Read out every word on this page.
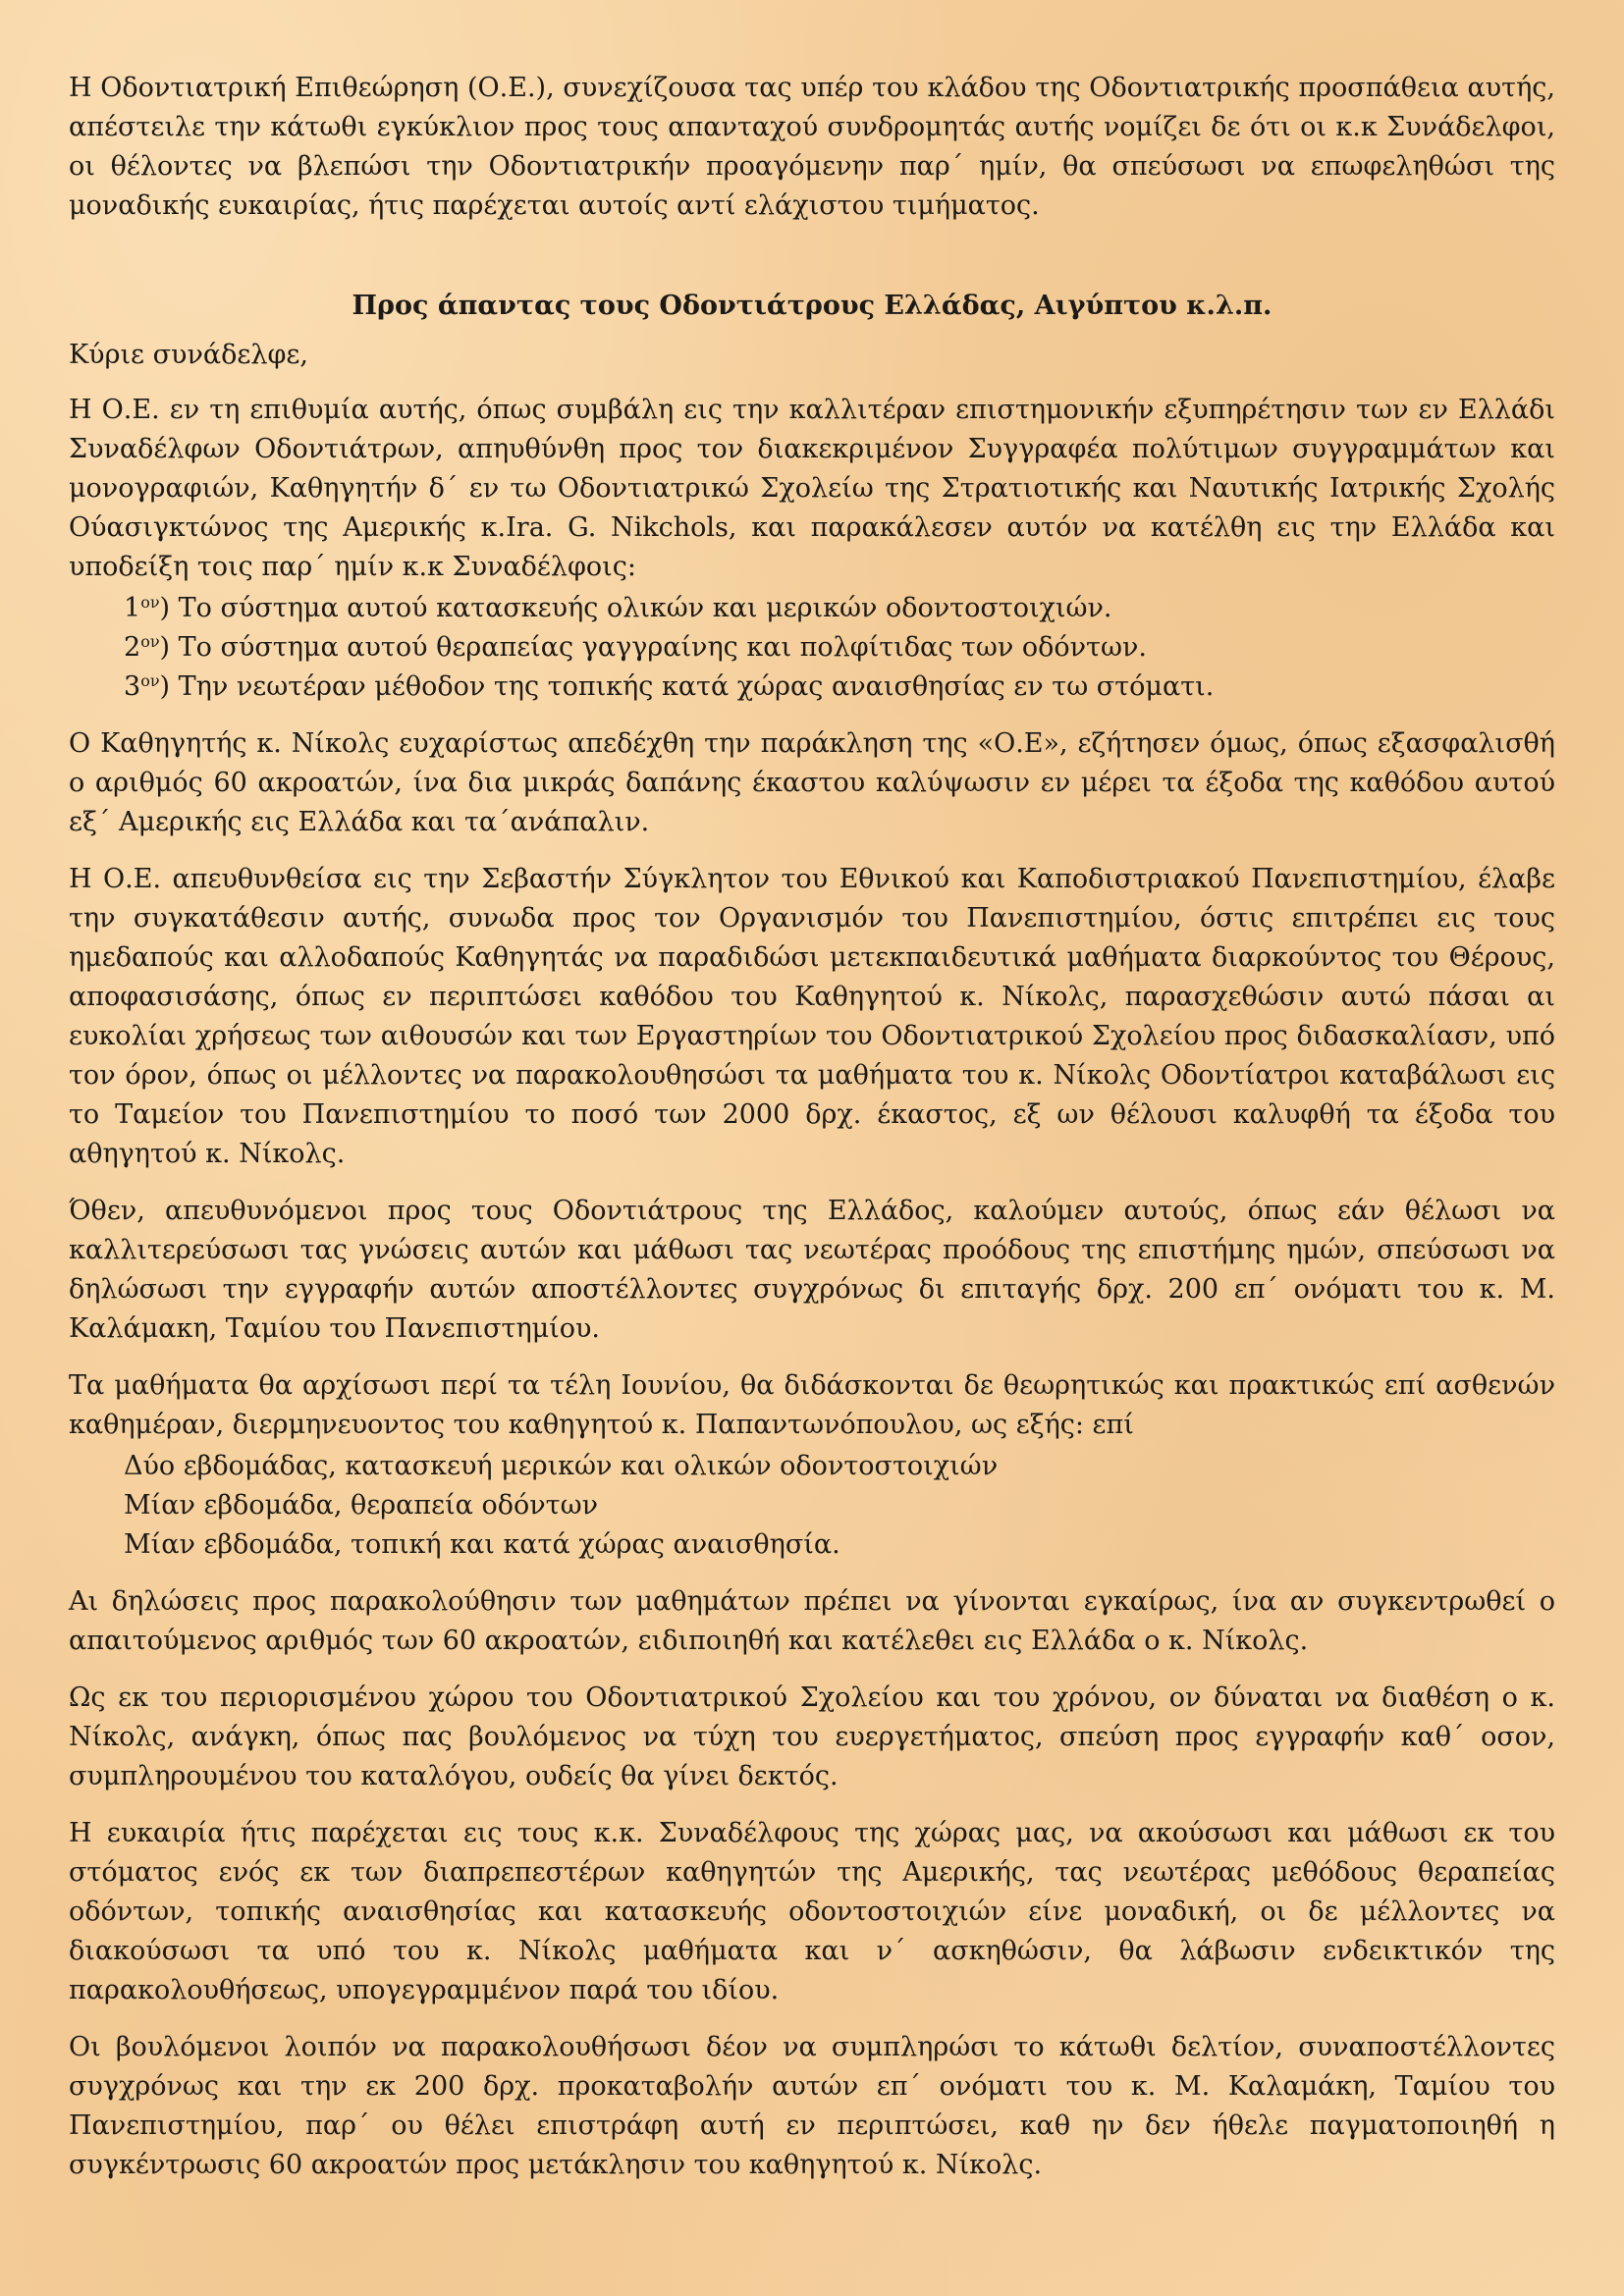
Η Οδοντιατρική Επιθεώρηση (Ο.Ε.), συνεχίζουσα τας υπέρ του κλάδου της Οδοντιατρικής προσπάθεια αυτής, απέστειλε την κάτωθι εγκύκλιον προς τους απανταχού συνδρομητάς αυτής νομίζει δε ότι οι κ.κ Συνάδελφοι, οι θέλοντες να βλεπώσι την Οδοντιατρικήν προαγόμενην παρ΄ ημίν, θα σπεύσωσι να επωφεληθώσι της μοναδικής ευκαιρίας, ήτις παρέχεται αυτοίς αντί ελάχιστου τιμήματος.

Προς άπαντας τους Οδοντιάτρους Ελλάδας, Αιγύπτου κ.λ.π.

Κύριε συνάδελφε,

Η Ο.Ε. εν τη επιθυμία αυτής, όπως συμβάλη εις την καλλιτέραν επιστημονικήν εξυπηρέτησιν των εν Ελλάδι Συναδέλφων Οδοντιάτρων, απηυθύνθη προς τον διακεκριμένον Συγγραφέα πολύτιμων συγγραμμάτων και μονογραφιών, Καθηγητήν δ΄ εν τω Οδοντιατρικώ Σχολείω της Στρατιοτικής και Ναυτικής Ιατρικής Σχολής Ούασιγκτώνος της Αμερικής κ.Ira. G. Nikchols, και παρακάλεσεν αυτόν να κατέλθη εις την Ελλάδα και υποδείξη τοις παρ΄ ημίν κ.κ Συναδέλφοις:

$1^{o\nu}$) Το σύστημα αυτού κατασκευής ολικών και μερικών οδοντοστοιχιών.
$2^{o\nu}$) Το σύστημα αυτού θεραπείας γαγγραίνης και πολφίτιδας των οδόντων.
$3^{o\nu}$) Την νεωτέραν μέθοδον της τοπικής κατά χώρας αναισθησίας εν τω στόματι.

Ο Καθηγητής κ. Νίκολς ευχαρίστως απεδέχθη την παράκληση της «Ο.Ε», εζήτησεν όμως, όπως εξασφαλισθή ο αριθμός 60 ακροατών, ίνα δια μικράς δαπάνης έκαστου καλύψωσιν εν μέρει τα έξοδα της καθόδου αυτού εξ΄ Αμερικής εις Ελλάδα και τα΄ανάπαλιν.

Η Ο.Ε. απευθυνθείσα εις την Σεβαστήν Σύγκλητον του Εθνικού και Καποδιστριακού Πανεπιστημίου, έλαβε την συγκατάθεσιν αυτής, συνωδα προς τον Οργανισμόν του Πανεπιστημίου, όστις επιτρέπει εις τους ημεδαπούς και αλλοδαπούς Καθηγητάς να παραδιδώσι μετεκπαιδευτικά μαθήματα διαρκούντος του Θέρους, αποφασισάσης, όπως εν περιπτώσει καθόδου του Καθηγητού κ. Νίκολς, παρασχεθώσιν αυτώ πάσαι αι ευκολίαι χρήσεως των αιθουσών και των Εργαστηρίων του Οδοντιατρικού Σχολείου προς διδασκαλίασν, υπό τον όρον, όπως οι μέλλοντες να παρακολουθησώσι τα μαθήματα του κ. Νίκολς Οδοντίατροι καταβάλωσι εις το Ταμείον του Πανεπιστημίου το ποσό των 2000 δρχ. έκαστος, εξ ων θέλουσι καλυφθή τα έξοδα του αθηγητού κ. Νίκολς.

Όθεν, απευθυνόμενοι προς τους Οδοντιάτρους της Ελλάδος, καλούμεν αυτούς, όπως εάν θέλωσι να καλλιτερεύσωσι τας γνώσεις αυτών και μάθωσι τας νεωτέρας προόδους της επιστήμης ημών, σπεύσωσι να δηλώσωσι την εγγραφήν αυτών αποστέλλοντες συγχρόνως δι επιταγής δρχ. 200 επ΄ ονόματι του κ. Μ. Καλάμακη, Ταμίου του Πανεπιστημίου.

Τα μαθήματα θα αρχίσωσι περί τα τέλη Ιουνίου, θα διδάσκονται δε θεωρητικώς και πρακτικώς επί ασθενών καθημέραν, διερμηνευοντος του καθηγητού κ. Παπαντωνόπουλου, ως εξής: επί

Δύο εβδομάδας, κατασκευή μερικών και ολικών οδοντοστοιχιών
Μίαν εβδομάδα, θεραπεία οδόντων
Μίαν εβδομάδα, τοπική και κατά χώρας αναισθησία.

Αι δηλώσεις προς παρακολούθησιν των μαθημάτων πρέπει να γίνονται εγκαίρως, ίνα αν συγκεντρωθεί ο απαιτούμενος αριθμός των 60 ακροατών, ειδιποιηθή και κατέλεθει εις Ελλάδα ο κ. Νίκολς.

Ως εκ του περιορισμένου χώρου του Οδοντιατρικού Σχολείου και του χρόνου, ον δύναται να διαθέση ο κ. Νίκολς, ανάγκη, όπως πας βουλόμενος να τύχη του ευεργετήματος, σπεύση προς εγγραφήν καθ΄ οσον, συμπληρουμένου του καταλόγου, ουδείς θα γίνει δεκτός.

Η ευκαιρία ήτις παρέχεται εις τους κ.κ. Συναδέλφους της χώρας μας, να ακούσωσι και μάθωσι εκ του στόματος ενός εκ των διαπρεπεστέρων καθηγητών της Αμερικής, τας νεωτέρας μεθόδους θεραπείας οδόντων, τοπικής αναισθησίας και κατασκευής οδοντοστοιχιών είνε μοναδική, οι δε μέλλοντες να διακούσωσι τα υπό του κ. Νίκολς μαθήματα και ν΄ ασκηθώσιν, θα λάβωσιν ενδεικτικόν της παρακολουθήσεως, υπογεγραμμένον παρά του ιδίου.

Οι βουλόμενοι λοιπόν να παρακολουθήσωσι δέον να συμπληρώσι το κάτωθι δελτίον, συναποστέλλοντες συγχρόνως και την εκ 200 δρχ. προκαταβολήν αυτών επ΄ ονόματι του κ. Μ. Καλαμάκη, Ταμίου του Πανεπιστημίου, παρ΄ ου θέλει επιστράφη αυτή εν περιπτώσει, καθ ην δεν ήθελε παγματοποιηθή η συγκέντρωσις 60 ακροατών προς μετάκλησιν του καθηγητού κ. Νίκολς.
